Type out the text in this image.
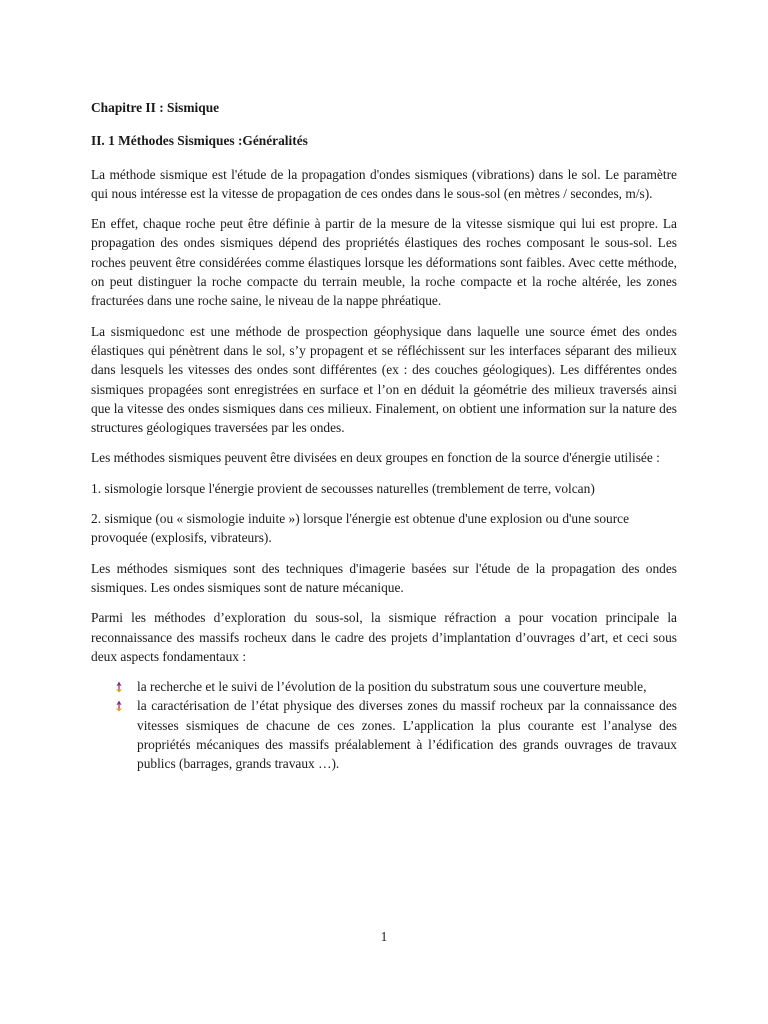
Chapitre II : Sismique
II. 1 Méthodes Sismiques :Généralités

La méthode sismique est l'étude de la propagation d'ondes sismiques (vibrations) dans le sol. Le paramètre qui nous intéresse est la vitesse de propagation de ces ondes dans le sous-sol (en mètres / secondes, m/s).

En effet, chaque roche peut être définie à partir de la mesure de la vitesse sismique qui lui est propre. La propagation des ondes sismiques dépend des propriétés élastiques des roches composant le sous-sol. Les roches peuvent être considérées comme élastiques lorsque les déformations sont faibles. Avec cette méthode, on peut distinguer la roche compacte du terrain meuble, la roche compacte et la roche altérée, les zones fracturées dans une roche saine, le niveau de la nappe phréatique.

La sismiquedonc est une méthode de prospection géophysique dans laquelle une source émet des ondes élastiques qui pénètrent dans le sol, s’y propagent et se réfléchissent sur les interfaces séparant des milieux dans lesquels les vitesses des ondes sont différentes (ex : des couches géologiques). Les différentes ondes sismiques propagées sont enregistrées en surface et l’on en déduit la géométrie des milieux traversés ainsi que la vitesse des ondes sismiques dans ces milieux. Finalement, on obtient une information sur la nature des structures géologiques traversées par les ondes.

Les méthodes sismiques peuvent être divisées en deux groupes en fonction de la source d'énergie utilisée :

1. sismologie lorsque l'énergie provient de secousses naturelles (tremblement de terre, volcan)

2. sismique (ou « sismologie induite ») lorsque l'énergie est obtenue d'une explosion ou d'une source provoquée (explosifs, vibrateurs).

Les méthodes sismiques sont des techniques d'imagerie basées sur l'étude de la propagation des ondes sismiques. Les ondes sismiques sont de nature mécanique.

Parmi les méthodes d’exploration du sous-sol, la sismique réfraction a pour vocation principale la reconnaissance des massifs rocheux dans le cadre des projets d’implantation d’ouvrages d’art, et ceci sous deux aspects fondamentaux :

la recherche et le suivi de l’évolution de la position du substratum sous une couverture meuble,
la caractérisation de l’état physique des diverses zones du massif rocheux par la connaissance des vitesses sismiques de chacune de ces zones. L’application la plus courante est l’analyse des propriétés mécaniques des massifs préalablement à l’édification des grands ouvrages de travaux publics (barrages, grands travaux …).
1
